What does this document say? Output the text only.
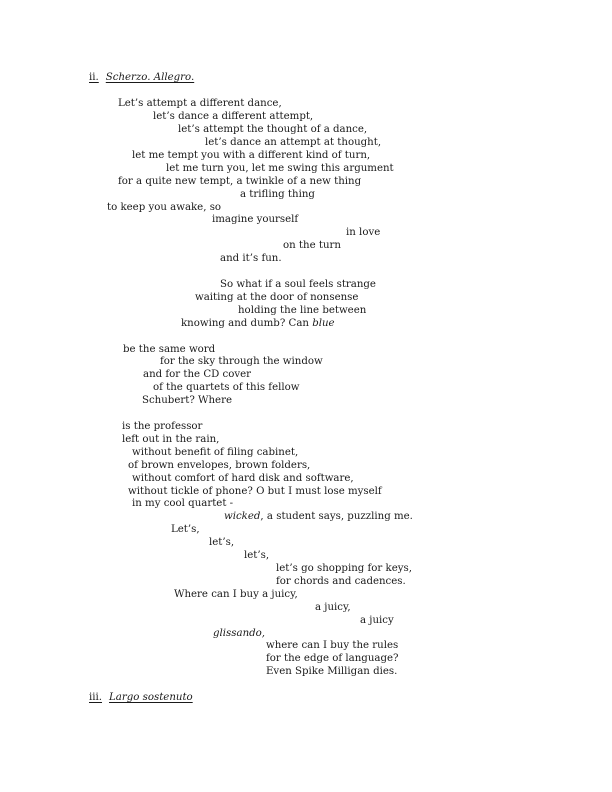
ii. Scherzo. Allegro.
Let’s attempt a different dance,
let’s dance a different attempt,
let’s attempt the thought of a dance,
let’s dance an attempt at thought,
let me tempt you with a different kind of turn,
let me turn you, let me swing this argument
for a quite new tempt, a twinkle of a new thing
a trifling thing
to keep you awake, so
imagine yourself
in love
on the turn
and it’s fun.
So what if a soul feels strange
waiting at the door of nonsense
holding the line between
knowing and dumb? Can blue
be the same word
for the sky through the window
and for the CD cover
of the quartets of this fellow
Schubert? Where
is the professor
left out in the rain,
without benefit of filing cabinet,
of brown envelopes, brown folders,
without comfort of hard disk and software,
without tickle of phone? O but I must lose myself
in my cool quartet -
wicked, a student says, puzzling me.
Let’s,
let’s,
let’s,
let’s go shopping for keys,
for chords and cadences.
Where can I buy a juicy,
a juicy,
a juicy
glissando,
where can I buy the rules
for the edge of language?
Even Spike Milligan dies.
iii. Largo sostenuto
